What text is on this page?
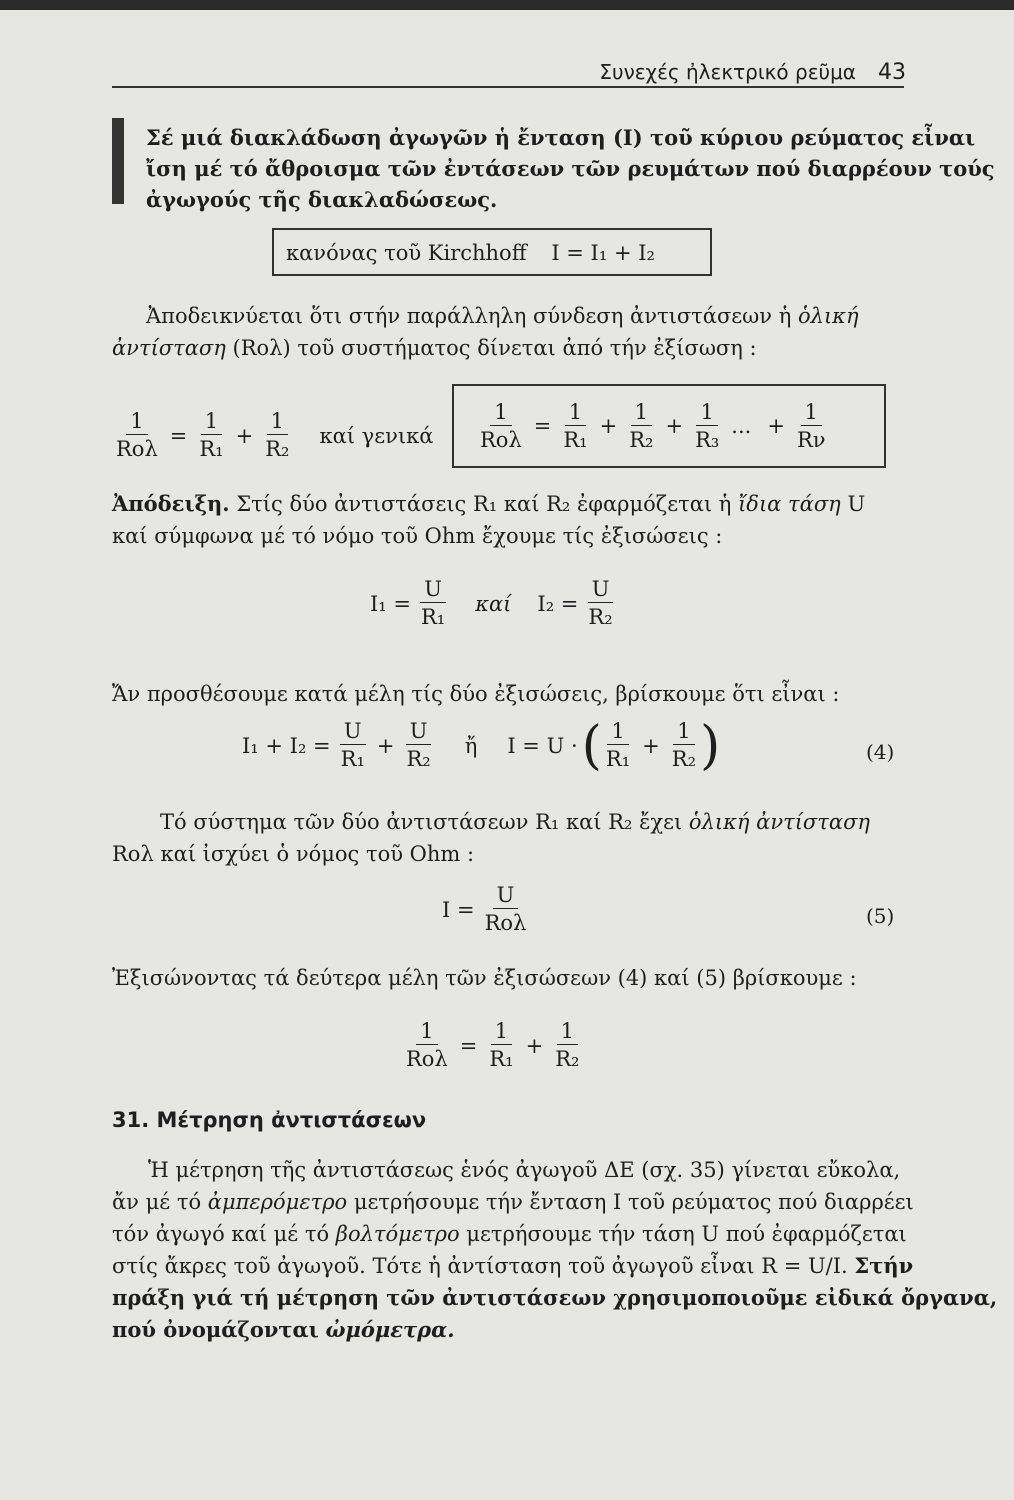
Συνεχές ἠλεκτρικό ρεῦμα 43
Σέ μιά διακλάδωση ἀγωγῶν ἡ ἔνταση (Ι) τοῦ κύριου ρεύματος εἶναι
ἴση μέ τό ἄθροισμα τῶν ἐντάσεων τῶν ρευμάτων πού διαρρέουν τούς
ἀγωγούς τῆς διακλαδώσεως.
κανόνας τοῦ Kirchhoff I = I₁ + I₂
Ἀποδεικνύεται ὅτι στήν παράλληλη σύνδεση ἀντιστάσεων ἡ ὁλική
ἀντίσταση (Rολ) τοῦ συστήματος δίνεται ἀπό τήν ἐξίσωση :
$\frac{1}{\text{Rολ}} = \frac{1}{\text{R₁}} + \frac{1}{\text{R₂}}$ καί γενικά $\frac{1}{\text{Rολ}} = \frac{1}{\text{R₁}} + \frac{1}{\text{R₂}} + \frac{1}{\text{R₃}}$ ... + $\frac{1}{R\nu}$
Ἀπόδειξη. Στίς δύο ἀντιστάσεις R₁ καί R₂ ἐφαρμόζεται ἡ ἴδια τάση U
καί σύμφωνα μέ τό νόμο τοῦ Ohm ἔχουμε τίς ἐξισώσεις :
$I_1 = \frac{U}{\text{R₁}}$ καί $I_2 = \frac{U}{\text{R₂}}$
Ἄν προσθέσουμε κατά μέλη τίς δύο ἐξισώσεις, βρίσκουμε ὅτι εἶναι :
$I_1 + I_2 = \frac{U}{\text{R₁}} + \frac{U}{\text{R₂}}$ ἤ I = U · ( $\frac{1}{\text{R₁}} + \frac{1}{\text{R₂}}$ )	(4)
Τό σύστημα τῶν δύο ἀντιστάσεων R₁ καί R₂ ἔχει ὁλική ἀντίσταση
Rολ καί ἰσχύει ὁ νόμος τοῦ Ohm :
$I = \frac{U}{\text{Rολ}}$	(5)
Ἐξισώνοντας τά δεύτερα μέλη τῶν ἐξισώσεων (4) καί (5) βρίσκουμε :
$\frac{1}{\text{Rολ}} = \frac{1}{\text{R₁}} + \frac{1}{\text{R₂}}$
31. Μέτρηση ἀντιστάσεων
Ἡ μέτρηση τῆς ἀντιστάσεως ἑνός ἀγωγοῦ ΔΕ (σχ. 35) γίνεται εὔκολα,
ἄν μέ τό ἀμπερόμετρο μετρήσουμε τήν ἔνταση Ι τοῦ ρεύματος πού διαρρέει
τόν ἀγωγό καί μέ τό βολτόμετρο μετρήσουμε τήν τάση U πού ἐφαρμόζεται
στίς ἄκρες τοῦ ἀγωγοῦ. Τότε ἡ ἀντίσταση τοῦ ἀγωγοῦ εἶναι R = U/I. Στήν
πράξη γιά τή μέτρηση τῶν ἀντιστάσεων χρησιμοποιοῦμε εἰδικά ὄργανα,
πού ὀνομάζονται ὠμόμετρα.
